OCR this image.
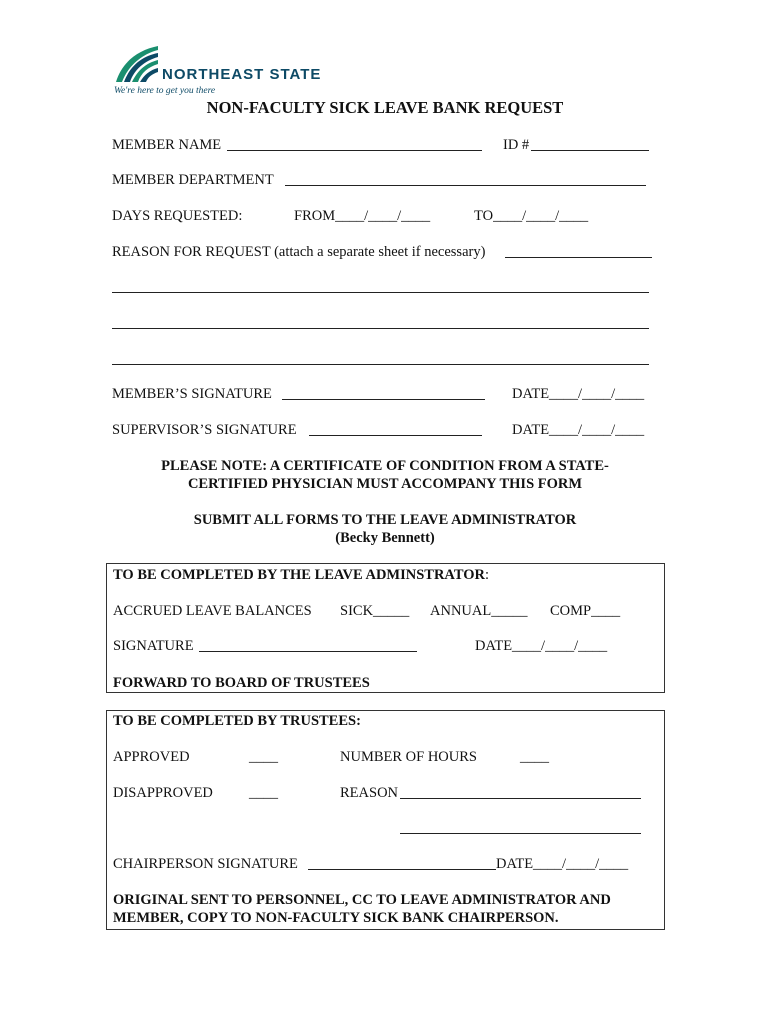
NORTHEAST STATE
We're here to get you there
NON-FACULTY SICK LEAVE BANK REQUEST
MEMBER NAME	ID #
MEMBER DEPARTMENT
DAYS REQUESTED:	FROM____/____/____	TO____/____/____
REASON FOR REQUEST (attach a separate sheet if necessary)
MEMBER’S SIGNATURE	DATE____/____/____
SUPERVISOR’S SIGNATURE	DATE____/____/____
PLEASE NOTE: A CERTIFICATE OF CONDITION FROM A STATE-
CERTIFIED PHYSICIAN MUST ACCOMPANY THIS FORM
SUBMIT ALL FORMS TO THE LEAVE ADMINISTRATOR
(Becky Bennett)
TO BE COMPLETED BY THE LEAVE ADMINSTRATOR:
ACCRUED LEAVE BALANCES SICK_____ ANNUAL_____ COMP____
SIGNATURE	DATE____/____/____
FORWARD TO BOARD OF TRUSTEES
TO BE COMPLETED BY TRUSTEES:
APPROVED	____	NUMBER OF HOURS	____
DISAPPROVED ____	REASON
CHAIRPERSON SIGNATURE	DATE____/____/____
ORIGINAL SENT TO PERSONNEL, CC TO LEAVE ADMINISTRATOR AND
MEMBER, COPY TO NON-FACULTY SICK BANK CHAIRPERSON.
